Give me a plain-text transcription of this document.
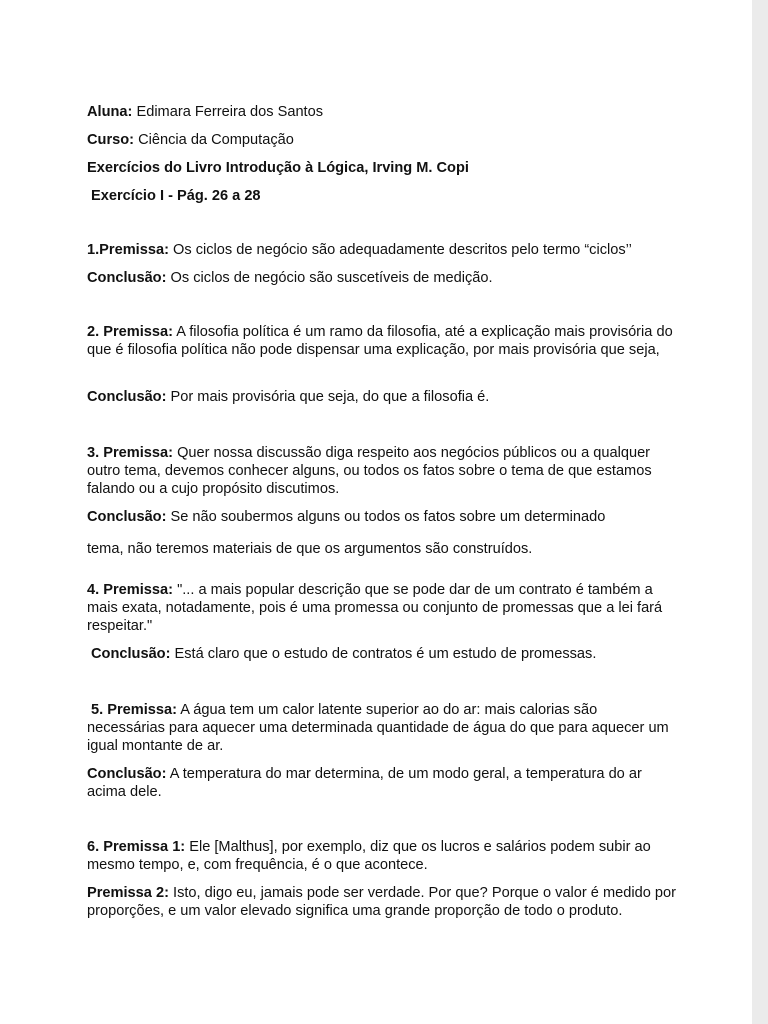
Aluna: Edimara Ferreira dos Santos
Curso: Ciência da Computação
Exercícios do Livro Introdução à Lógica, Irving M. Copi
Exercício I - Pág. 26 a 28
1.Premissa: Os ciclos de negócio são adequadamente descritos pelo termo “ciclos’’
Conclusão: Os ciclos de negócio são suscetíveis de medição.
2. Premissa: A filosofia política é um ramo da filosofia, até a explicação mais provisória do que é filosofia política não pode dispensar uma explicação, por mais provisória que seja,
Conclusão: Por mais provisória que seja, do que a filosofia é.
3. Premissa: Quer nossa discussão diga respeito aos negócios públicos ou a qualquer outro tema, devemos conhecer alguns, ou todos os fatos sobre o tema de que estamos falando ou a cujo propósito discutimos.
Conclusão: Se não soubermos alguns ou todos os fatos sobre um determinado
tema, não teremos materiais de que os argumentos são construídos.
4. Premissa: "... a mais popular descrição que se pode dar de um contrato é também a mais exata, notadamente, pois é uma promessa ou conjunto de promessas que a lei fará respeitar."
Conclusão: Está claro que o estudo de contratos é um estudo de promessas.
5. Premissa: A água tem um calor latente superior ao do ar: mais calorias são necessárias para aquecer uma determinada quantidade de água do que para aquecer um igual montante de ar.
Conclusão: A temperatura do mar determina, de um modo geral, a temperatura do ar acima dele.
6. Premissa 1: Ele [Malthus], por exemplo, diz que os lucros e salários podem subir ao mesmo tempo, e, com frequência, é o que acontece.
Premissa 2: Isto, digo eu, jamais pode ser verdade. Por que? Porque o valor é medido por proporções, e um valor elevado significa uma grande proporção de todo o produto.
